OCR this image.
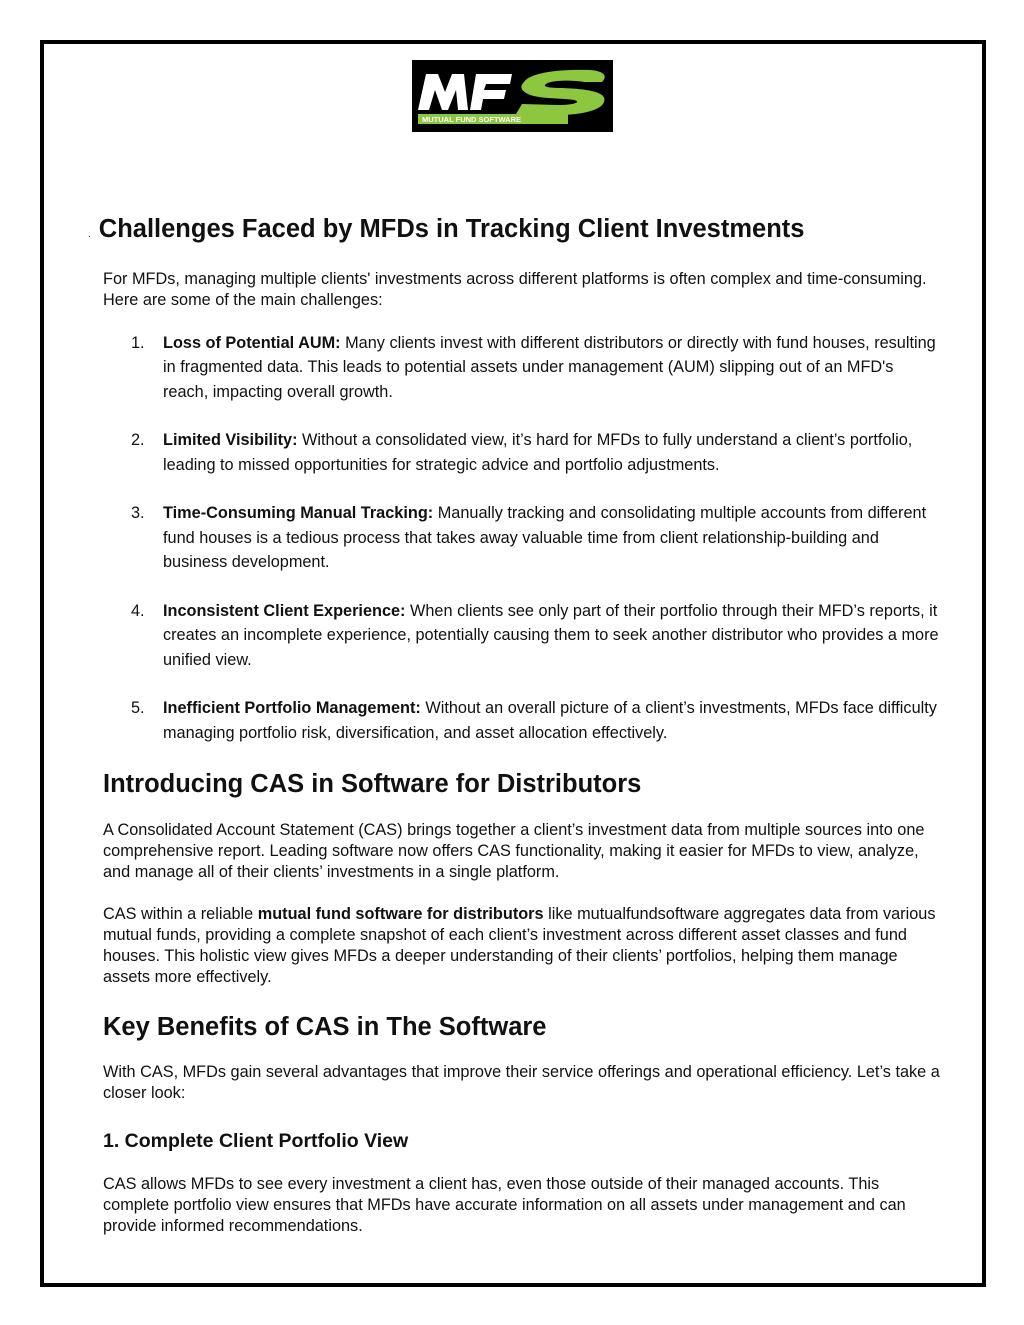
MUTUAL FUND SOFTWARE
. Challenges Faced by MFDs in Tracking Client Investments

For MFDs, managing multiple clients' investments across different platforms is often complex and time-consuming. Here are some of the main challenges:

1. Loss of Potential AUM: Many clients invest with different distributors or directly with fund houses, resulting in fragmented data. This leads to potential assets under management (AUM) slipping out of an MFD's reach, impacting overall growth.
2. Limited Visibility: Without a consolidated view, it’s hard for MFDs to fully understand a client’s portfolio, leading to missed opportunities for strategic advice and portfolio adjustments.
3. Time-Consuming Manual Tracking: Manually tracking and consolidating multiple accounts from different fund houses is a tedious process that takes away valuable time from client relationship-building and business development.
4. Inconsistent Client Experience: When clients see only part of their portfolio through their MFD’s reports, it creates an incomplete experience, potentially causing them to seek another distributor who provides a more unified view.
5. Inefficient Portfolio Management: Without an overall picture of a client’s investments, MFDs face difficulty managing portfolio risk, diversification, and asset allocation effectively.
Introducing CAS in Software for Distributors

A Consolidated Account Statement (CAS) brings together a client’s investment data from multiple sources into one comprehensive report. Leading software now offers CAS functionality, making it easier for MFDs to view, analyze, and manage all of their clients’ investments in a single platform.

CAS within a reliable mutual fund software for distributors like mutualfundsoftware aggregates data from various mutual funds, providing a complete snapshot of each client’s investment across different asset classes and fund houses. This holistic view gives MFDs a deeper understanding of their clients’ portfolios, helping them manage assets more effectively.

Key Benefits of CAS in The Software

With CAS, MFDs gain several advantages that improve their service offerings and operational efficiency. Let’s take a closer look:

1. Complete Client Portfolio View

CAS allows MFDs to see every investment a client has, even those outside of their managed accounts. This complete portfolio view ensures that MFDs have accurate information on all assets under management and can provide informed recommendations.
